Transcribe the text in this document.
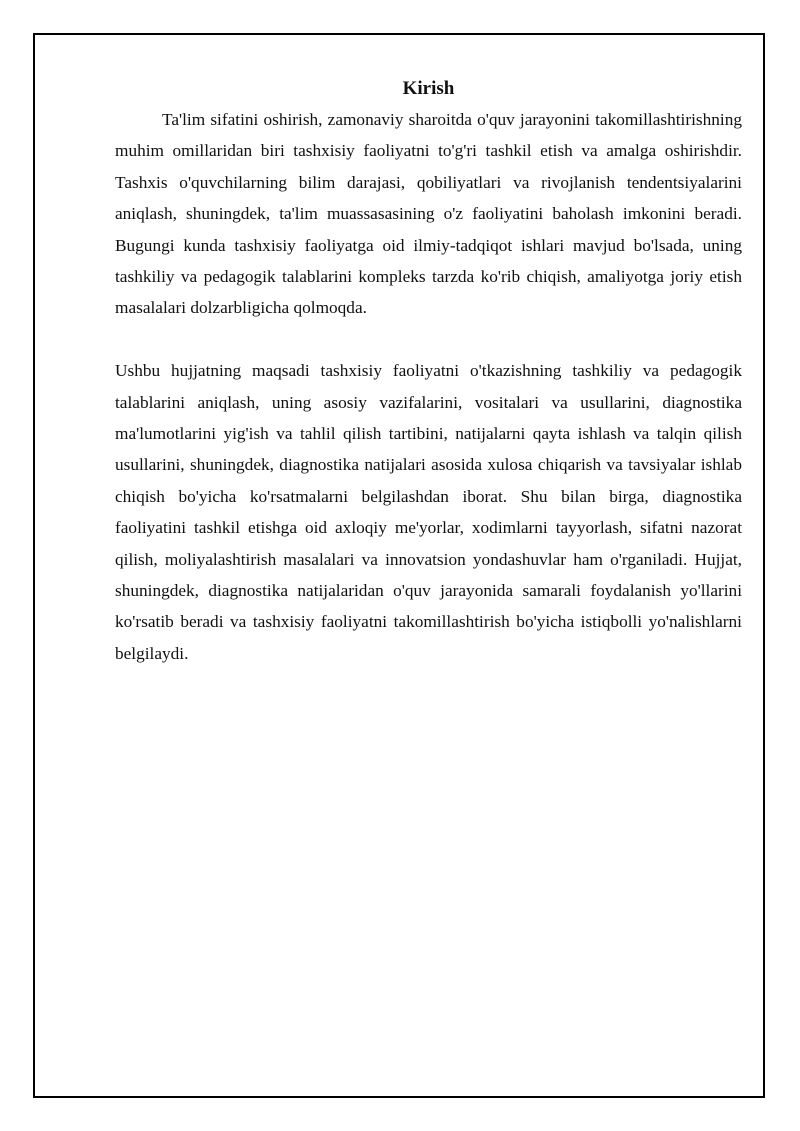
Kirish

Ta'lim sifatini oshirish, zamonaviy sharoitda o'quv jarayonini takomillashtirishning muhim omillaridan biri tashxisiy faoliyatni to'g'ri tashkil etish va amalga oshirishdir. Tashxis o'quvchilarning bilim darajasi, qobiliyatlari va rivojlanish tendentsiyalarini aniqlash, shuningdek, ta'lim muassasasining o'z faoliyatini baholash imkonini beradi. Bugungi kunda tashxisiy faoliyatga oid ilmiy-tadqiqot ishlari mavjud bo'lsada, uning tashkiliy va pedagogik talablarini kompleks tarzda ko'rib chiqish, amaliyotga joriy etish masalalari dolzarbligicha qolmoqda.

Ushbu hujjatning maqsadi tashxisiy faoliyatni o'tkazishning tashkiliy va pedagogik talablarini aniqlash, uning asosiy vazifalarini, vositalari va usullarini, diagnostika ma'lumotlarini yig'ish va tahlil qilish tartibini, natijalarni qayta ishlash va talqin qilish usullarini, shuningdek, diagnostika natijalari asosida xulosa chiqarish va tavsiyalar ishlab chiqish bo'yicha ko'rsatmalarni belgilashdan iborat. Shu bilan birga, diagnostika faoliyatini tashkil etishga oid axloqiy me'yorlar, xodimlarni tayyorlash, sifatni nazorat qilish, moliyalashtirish masalalari va innovatsion yondashuvlar ham o'rganiladi. Hujjat, shuningdek, diagnostika natijalaridan o'quv jarayonida samarali foydalanish yo'llarini ko'rsatib beradi va tashxisiy faoliyatni takomillashtirish bo'yicha istiqbolli yo'nalishlarni belgilaydi.
